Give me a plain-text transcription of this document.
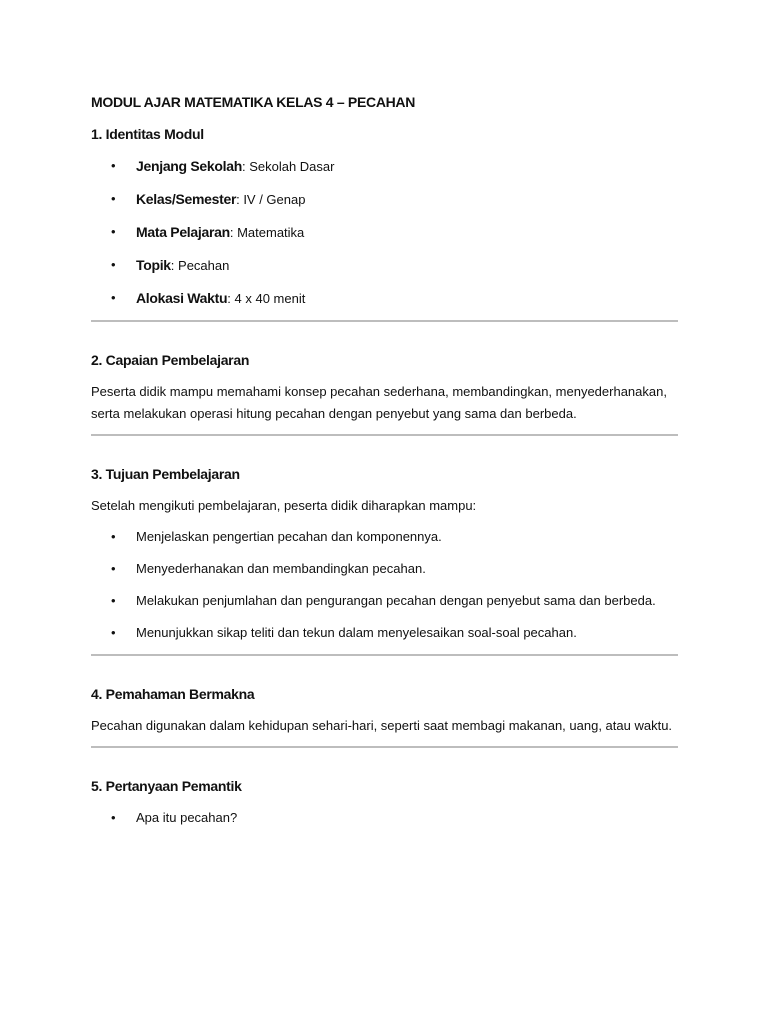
MODUL AJAR MATEMATIKA KELAS 4 – PECAHAN
1. Identitas Modul
• Jenjang Sekolah: Sekolah Dasar
• Kelas/Semester: IV / Genap
• Mata Pelajaran: Matematika
• Topik: Pecahan
• Alokasi Waktu: 4 x 40 menit
2. Capaian Pembelajaran

Peserta didik mampu memahami konsep pecahan sederhana, membandingkan, menyederhanakan, serta melakukan operasi hitung pecahan dengan penyebut yang sama dan berbeda.

3. Tujuan Pembelajaran

Setelah mengikuti pembelajaran, peserta didik diharapkan mampu:

• Menjelaskan pengertian pecahan dan komponennya.
• Menyederhanakan dan membandingkan pecahan.
• Melakukan penjumlahan dan pengurangan pecahan dengan penyebut sama dan berbeda.
• Menunjukkan sikap teliti dan tekun dalam menyelesaikan soal-soal pecahan.
4. Pemahaman Bermakna

Pecahan digunakan dalam kehidupan sehari-hari, seperti saat membagi makanan, uang, atau waktu.

5. Pertanyaan Pemantik
• Apa itu pecahan?
